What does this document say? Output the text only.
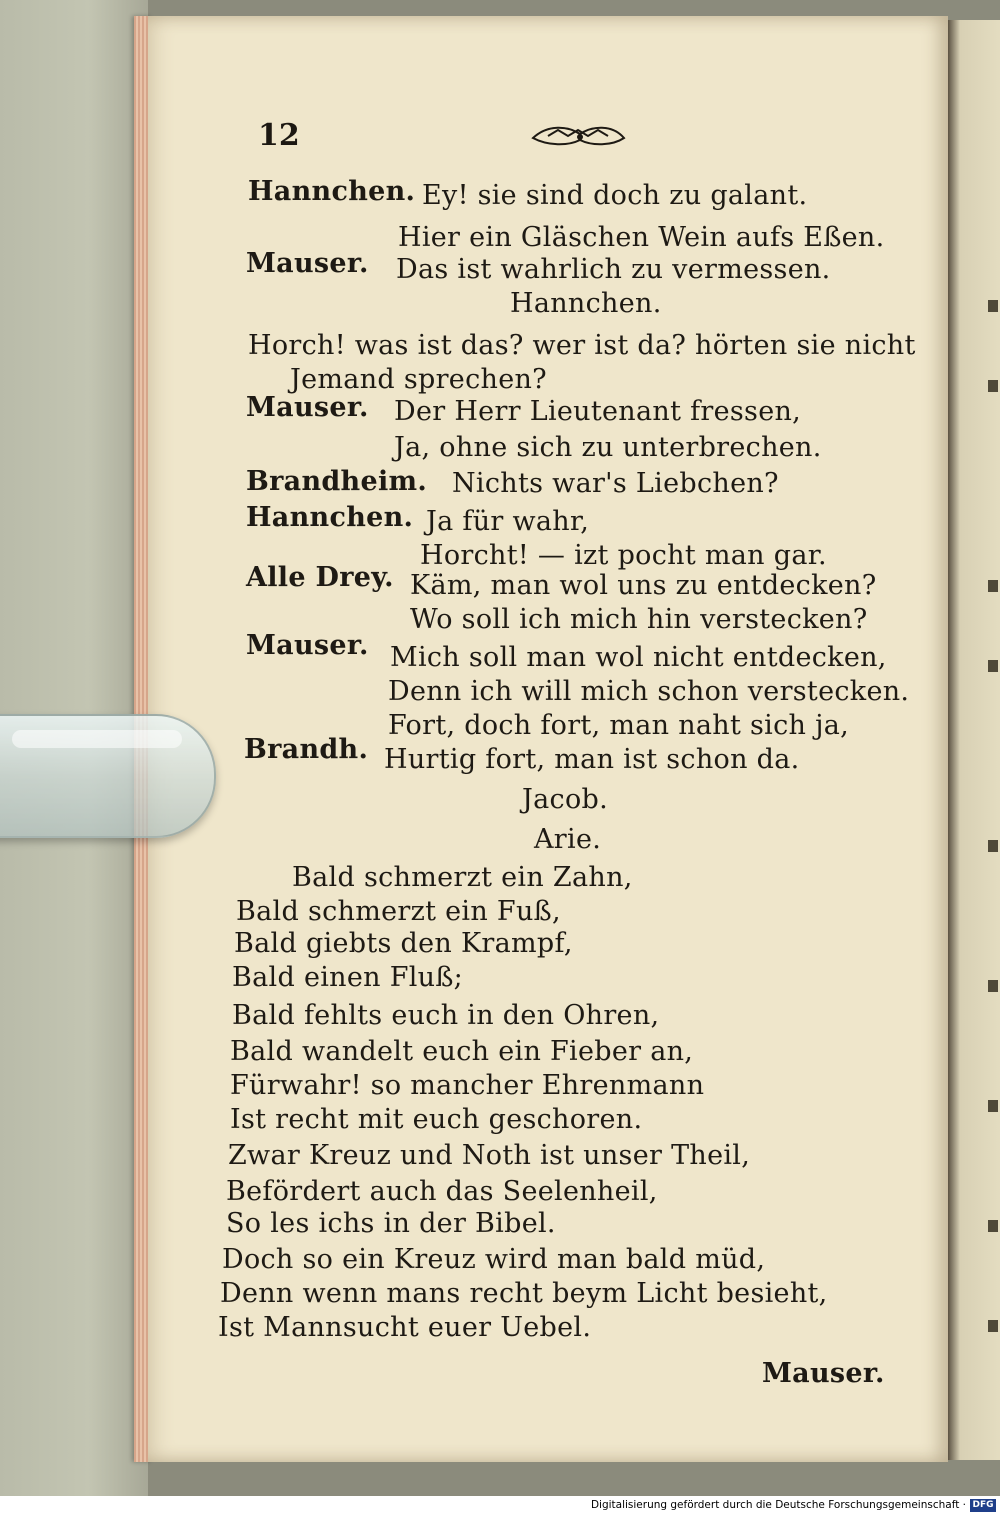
12
Hannchen. Ey! sie sind doch zu galant.
Hier ein Gläschen Wein aufs Eßen.
Mauser. Das ist wahrlich zu vermessen.
Hannchen.
Horch! was ist das? wer ist da? hörten sie nicht
Jemand sprechen?
Mauser. Der Herr Lieutenant fressen,
Ja, ohne sich zu unterbrechen.
Brandheim. Nichts war's Liebchen?
Hannchen. Ja für wahr,
Horcht! — izt pocht man gar.
Alle Drey. Käm, man wol uns zu entdecken?
Wo soll ich mich hin verstecken?
Mauser. Mich soll man wol nicht entdecken,
Denn ich will mich schon verstecken.
Fort, doch fort, man naht sich ja,
Brandh. Hurtig fort, man ist schon da.
Jacob.
Arie.
Bald schmerzt ein Zahn,
Bald schmerzt ein Fuß,
Bald giebts den Krampf,
Bald einen Fluß;
Bald fehlts euch in den Ohren,
Bald wandelt euch ein Fieber an,
Fürwahr! so mancher Ehrenmann
Ist recht mit euch geschoren.
Zwar Kreuz und Noth ist unser Theil,
Befördert auch das Seelenheil,
So les ichs in der Bibel.
Doch so ein Kreuz wird man bald müd,
Denn wenn mans recht beym Licht besieht,
Ist Mannsucht euer Uebel.
Mauser.
Digitalisierung gefördert durch die Deutsche Forschungsgemeinschaft · DFG
